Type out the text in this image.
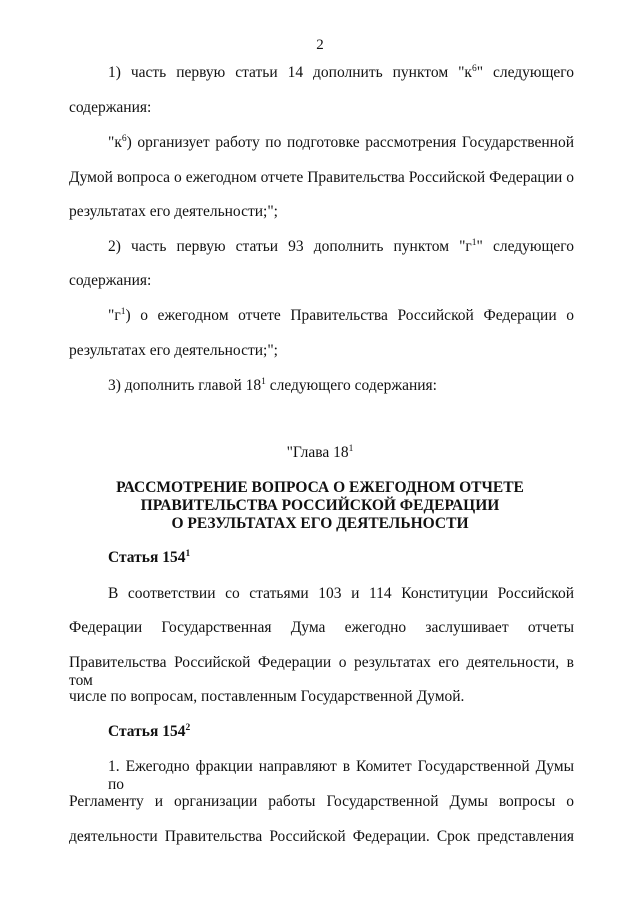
2
1) часть первую статьи 14 дополнить пунктом "$к^6$" следующего
содержания:
"$к^6$) организует работу по подготовке рассмотрения Государственной
Думой вопроса о ежегодном отчете Правительства Российской Федерации о
результатах его деятельности;";
2) часть первую статьи 93 дополнить пунктом "$г^1$" следующего
содержания:
"$г^1$) о ежегодном отчете Правительства Российской Федерации о
результатах его деятельности;";
3) дополнить главой $18^1$ следующего содержания:
"Глава $18^1$
РАССМОТРЕНИЕ ВОПРОСА О ЕЖЕГОДНОМ ОТЧЕТЕ
ПРАВИТЕЛЬСТВА РОССИЙСКОЙ ФЕДЕРАЦИИ
О РЕЗУЛЬТАТАХ ЕГО ДЕЯТЕЛЬНОСТИ
Статья $154^1$
В соответствии со статьями 103 и 114 Конституции Российской
Федерации Государственная Дума ежегодно заслушивает отчеты
Правительства Российской Федерации о результатах его деятельности, в том
числе по вопросам, поставленным Государственной Думой.
Статья $154^2$
1. Ежегодно фракции направляют в Комитет Государственной Думы по
Регламенту и организации работы Государственной Думы вопросы о
деятельности Правительства Российской Федерации. Срок представления
